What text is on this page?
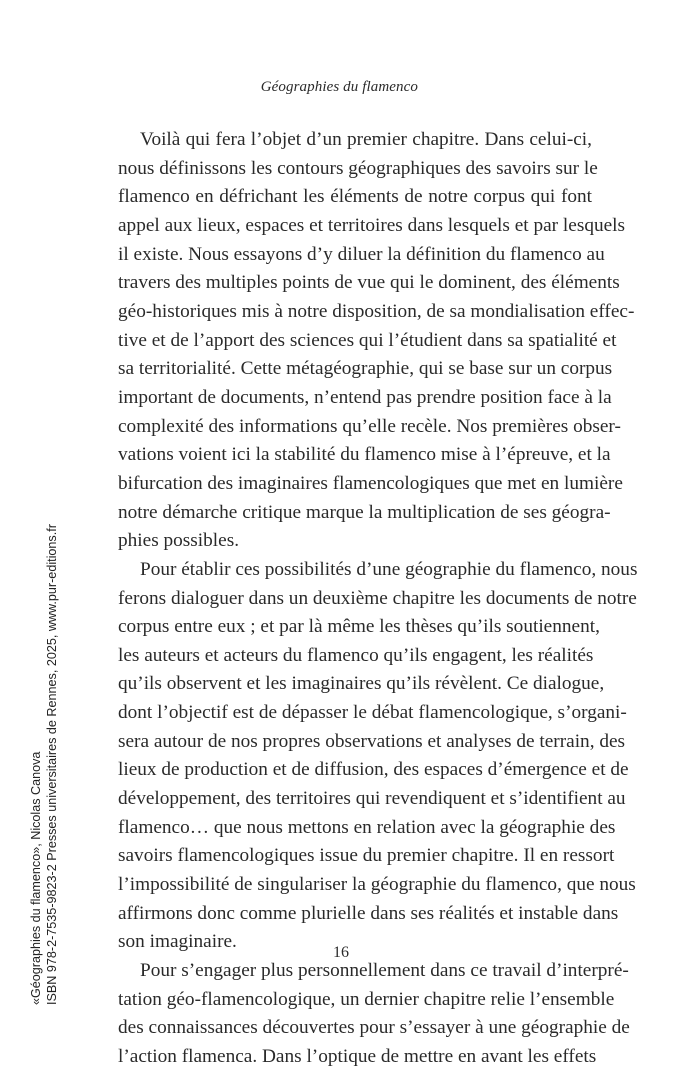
Géographies du flamenco
Voilà qui fera l’objet d’un premier chapitre. Dans celui-ci,
nous définissons les contours géographiques des savoirs sur le
flamenco en défrichant les éléments de notre corpus qui font
appel aux lieux, espaces et territoires dans lesquels et par lesquels
il existe. Nous essayons d’y diluer la définition du flamenco au
travers des multiples points de vue qui le dominent, des éléments
géo-historiques mis à notre disposition, de sa mondialisation effec-
tive et de l’apport des sciences qui l’étudient dans sa spatialité et
sa territorialité. Cette métagéographie, qui se base sur un corpus
important de documents, n’entend pas prendre position face à la
complexité des informations qu’elle recèle. Nos premières obser-
vations voient ici la stabilité du flamenco mise à l’épreuve, et la
bifurcation des imaginaires flamencologiques que met en lumière
notre démarche critique marque la multiplication de ses géogra-
phies possibles.
Pour établir ces possibilités d’une géographie du flamenco, nous
ferons dialoguer dans un deuxième chapitre les documents de notre
corpus entre eux ; et par là même les thèses qu’ils soutiennent,
les auteurs et acteurs du flamenco qu’ils engagent, les réalités
qu’ils observent et les imaginaires qu’ils révèlent. Ce dialogue,
dont l’objectif est de dépasser le débat flamencologique, s’organi-
sera autour de nos propres observations et analyses de terrain, des
lieux de production et de diffusion, des espaces d’émergence et de
développement, des territoires qui revendiquent et s’identifient au
flamenco… que nous mettons en relation avec la géographie des
savoirs flamencologiques issue du premier chapitre. Il en ressort
l’impossibilité de singulariser la géographie du flamenco, que nous
affirmons donc comme plurielle dans ses réalités et instable dans
son imaginaire.
Pour s’engager plus personnellement dans ce travail d’interpré-
tation géo-flamencologique, un dernier chapitre relie l’ensemble
des connaissances découvertes pour s’essayer à une géographie de
l’action flamenca. Dans l’optique de mettre en avant les effets
16
«Géographies du flamenco», Nicolas Canova ISBN 978-2-7535-9823-2 Presses universitaires de Rennes, 2025, www.pur-editions.fr
